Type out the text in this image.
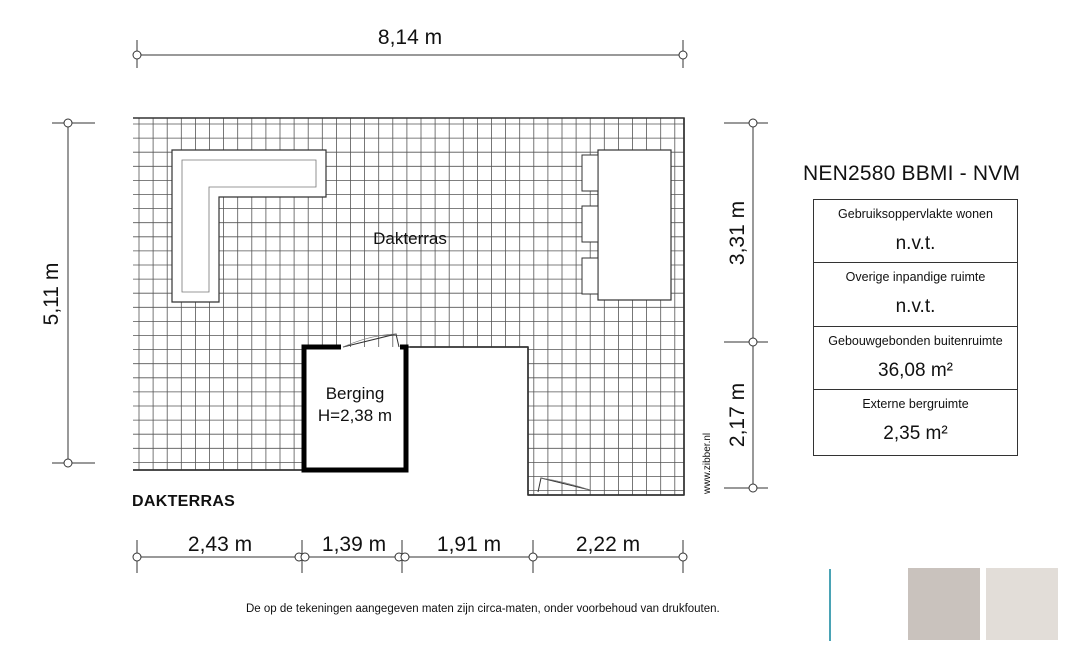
8,14 m
5,11 m
3,31 m
2,17 m
2,43 m	1,39 m 1,91 m	2,22 m
Dakterras
Berging
H=2,38 m
DAKTERRAS
www.zibber.nl
NEN2580 BBMI - NVM
Gebruiksoppervlakte wonen
n.v.t.
Overige inpandige ruimte
n.v.t.
Gebouwgebonden buitenruimte
36,08 m²
Externe bergruimte
2,35 m²
De op de tekeningen aangegeven maten zijn circa-maten, onder voorbehoud van drukfouten.
